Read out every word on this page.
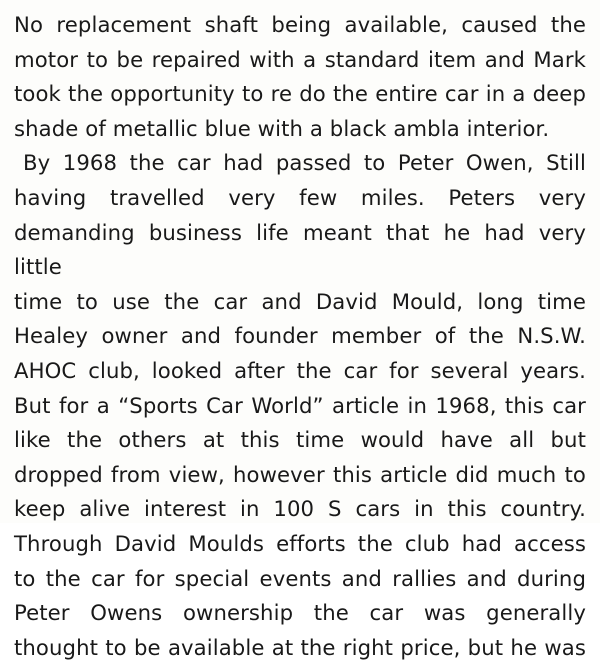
No replacement shaft being available, caused the
motor to be repaired with a standard item and Mark
took the opportunity to re do the entire car in a deep
shade of metallic blue with a black ambla interior.

By 1968 the car had passed to Peter Owen, Still
having travelled very few miles. Peters very
demanding business life meant that he had very little
time to use the car and David Mould, long time
Healey owner and founder member of the N.S.W.
AHOC club, looked after the car for several years.
But for a “Sports Car World” article in 1968, this car
like the others at this time would have all but
dropped from view, however this article did much to
keep alive interest in 100 S cars in this country.
Through David Moulds efforts the club had access
to the car for special events and rallies and during
Peter Owens ownership the car was generally
thought to be available at the right price, but he was
